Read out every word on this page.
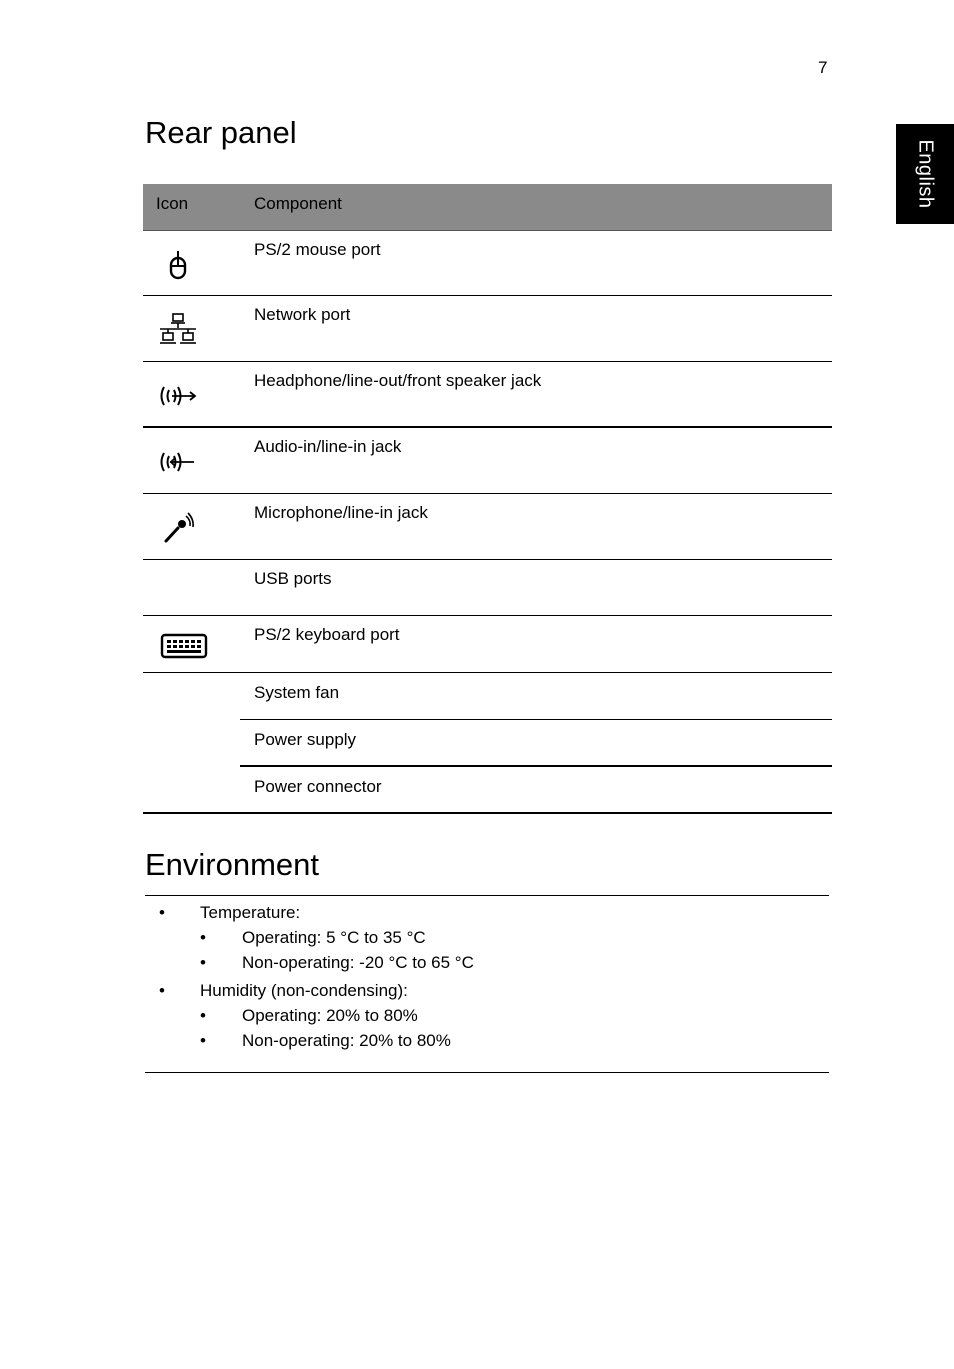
7
English
Rear panel
Icon	Component
PS/2 mouse port
Network port
Headphone/line-out/front speaker jack
Audio-in/line-in jack
Microphone/line-in jack
USB ports
PS/2 keyboard port
System fan
Power supply
Power connector
Environment
• Temperature:
• Operating: 5 °C to 35 °C
• Non-operating: -20 °C to 65 °C
• Humidity (non-condensing):
• Operating: 20% to 80%
• Non-operating: 20% to 80%
